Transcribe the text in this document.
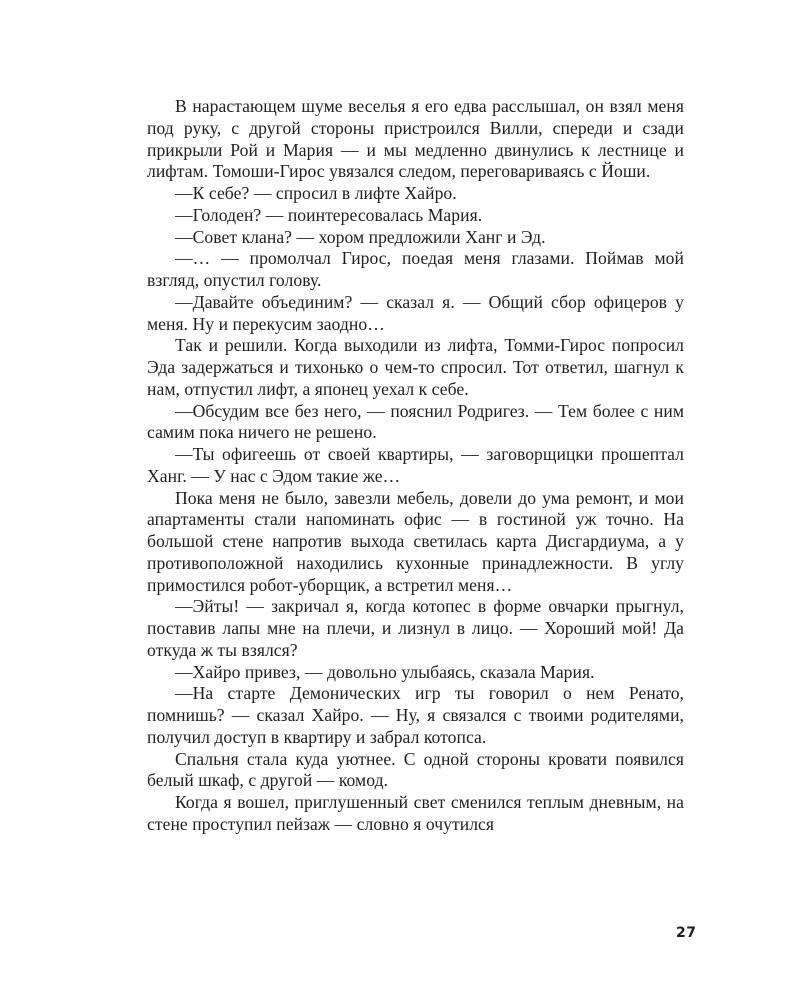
В нарастающем шуме веселья я его едва расслышал, он взял меня под руку, с другой стороны пристроился Вилли, спереди и сзади прикрыли Рой и Мария — и мы медленно двинулись к лестнице и лифтам. Томоши-Гирос увязался следом, переговариваясь с Йоши.

—К себе? — спросил в лифте Хайро.

—Голоден? — поинтересовалась Мария.

—Совет клана? — хором предложили Ханг и Эд.

—… — промолчал Гирос, поедая меня глазами. Поймав мой взгляд, опустил голову.

—Давайте объединим? — сказал я. — Общий сбор офицеров у меня. Ну и перекусим заодно…

Так и решили. Когда выходили из лифта, Томми-Гирос попросил Эда задержаться и тихонько о чем-то спросил. Тот ответил, шагнул к нам, отпустил лифт, а японец уехал к себе.

—Обсудим все без него, — пояснил Родригез. — Тем более с ним самим пока ничего не решено.

—Ты офигеешь от своей квартиры, — заговорщицки прошептал Ханг. — У нас с Эдом такие же…

Пока меня не было, завезли мебель, довели до ума ремонт, и мои апартаменты стали напоминать офис — в гостиной уж точно. На большой стене напротив выхода светилась карта Дисгардиума, а у противоположной находились кухонные принадлежности. В углу примостился робот-уборщик, а встретил меня…

—Эйты! — закричал я, когда котопес в форме овчарки прыгнул, поставив лапы мне на плечи, и лизнул в лицо. — Хороший мой! Да откуда ж ты взялся?

—Хайро привез, — довольно улыбаясь, сказала Мария.

—На старте Демонических игр ты говорил о нем Ренато, помнишь? — сказал Хайро. — Ну, я связался с твоими родителями, получил доступ в квартиру и забрал котопса.

Спальня стала куда уютнее. С одной стороны кровати появился белый шкаф, с другой — комод.

Когда я вошел, приглушенный свет сменился теплым дневным, на стене проступил пейзаж — словно я очутился

27
